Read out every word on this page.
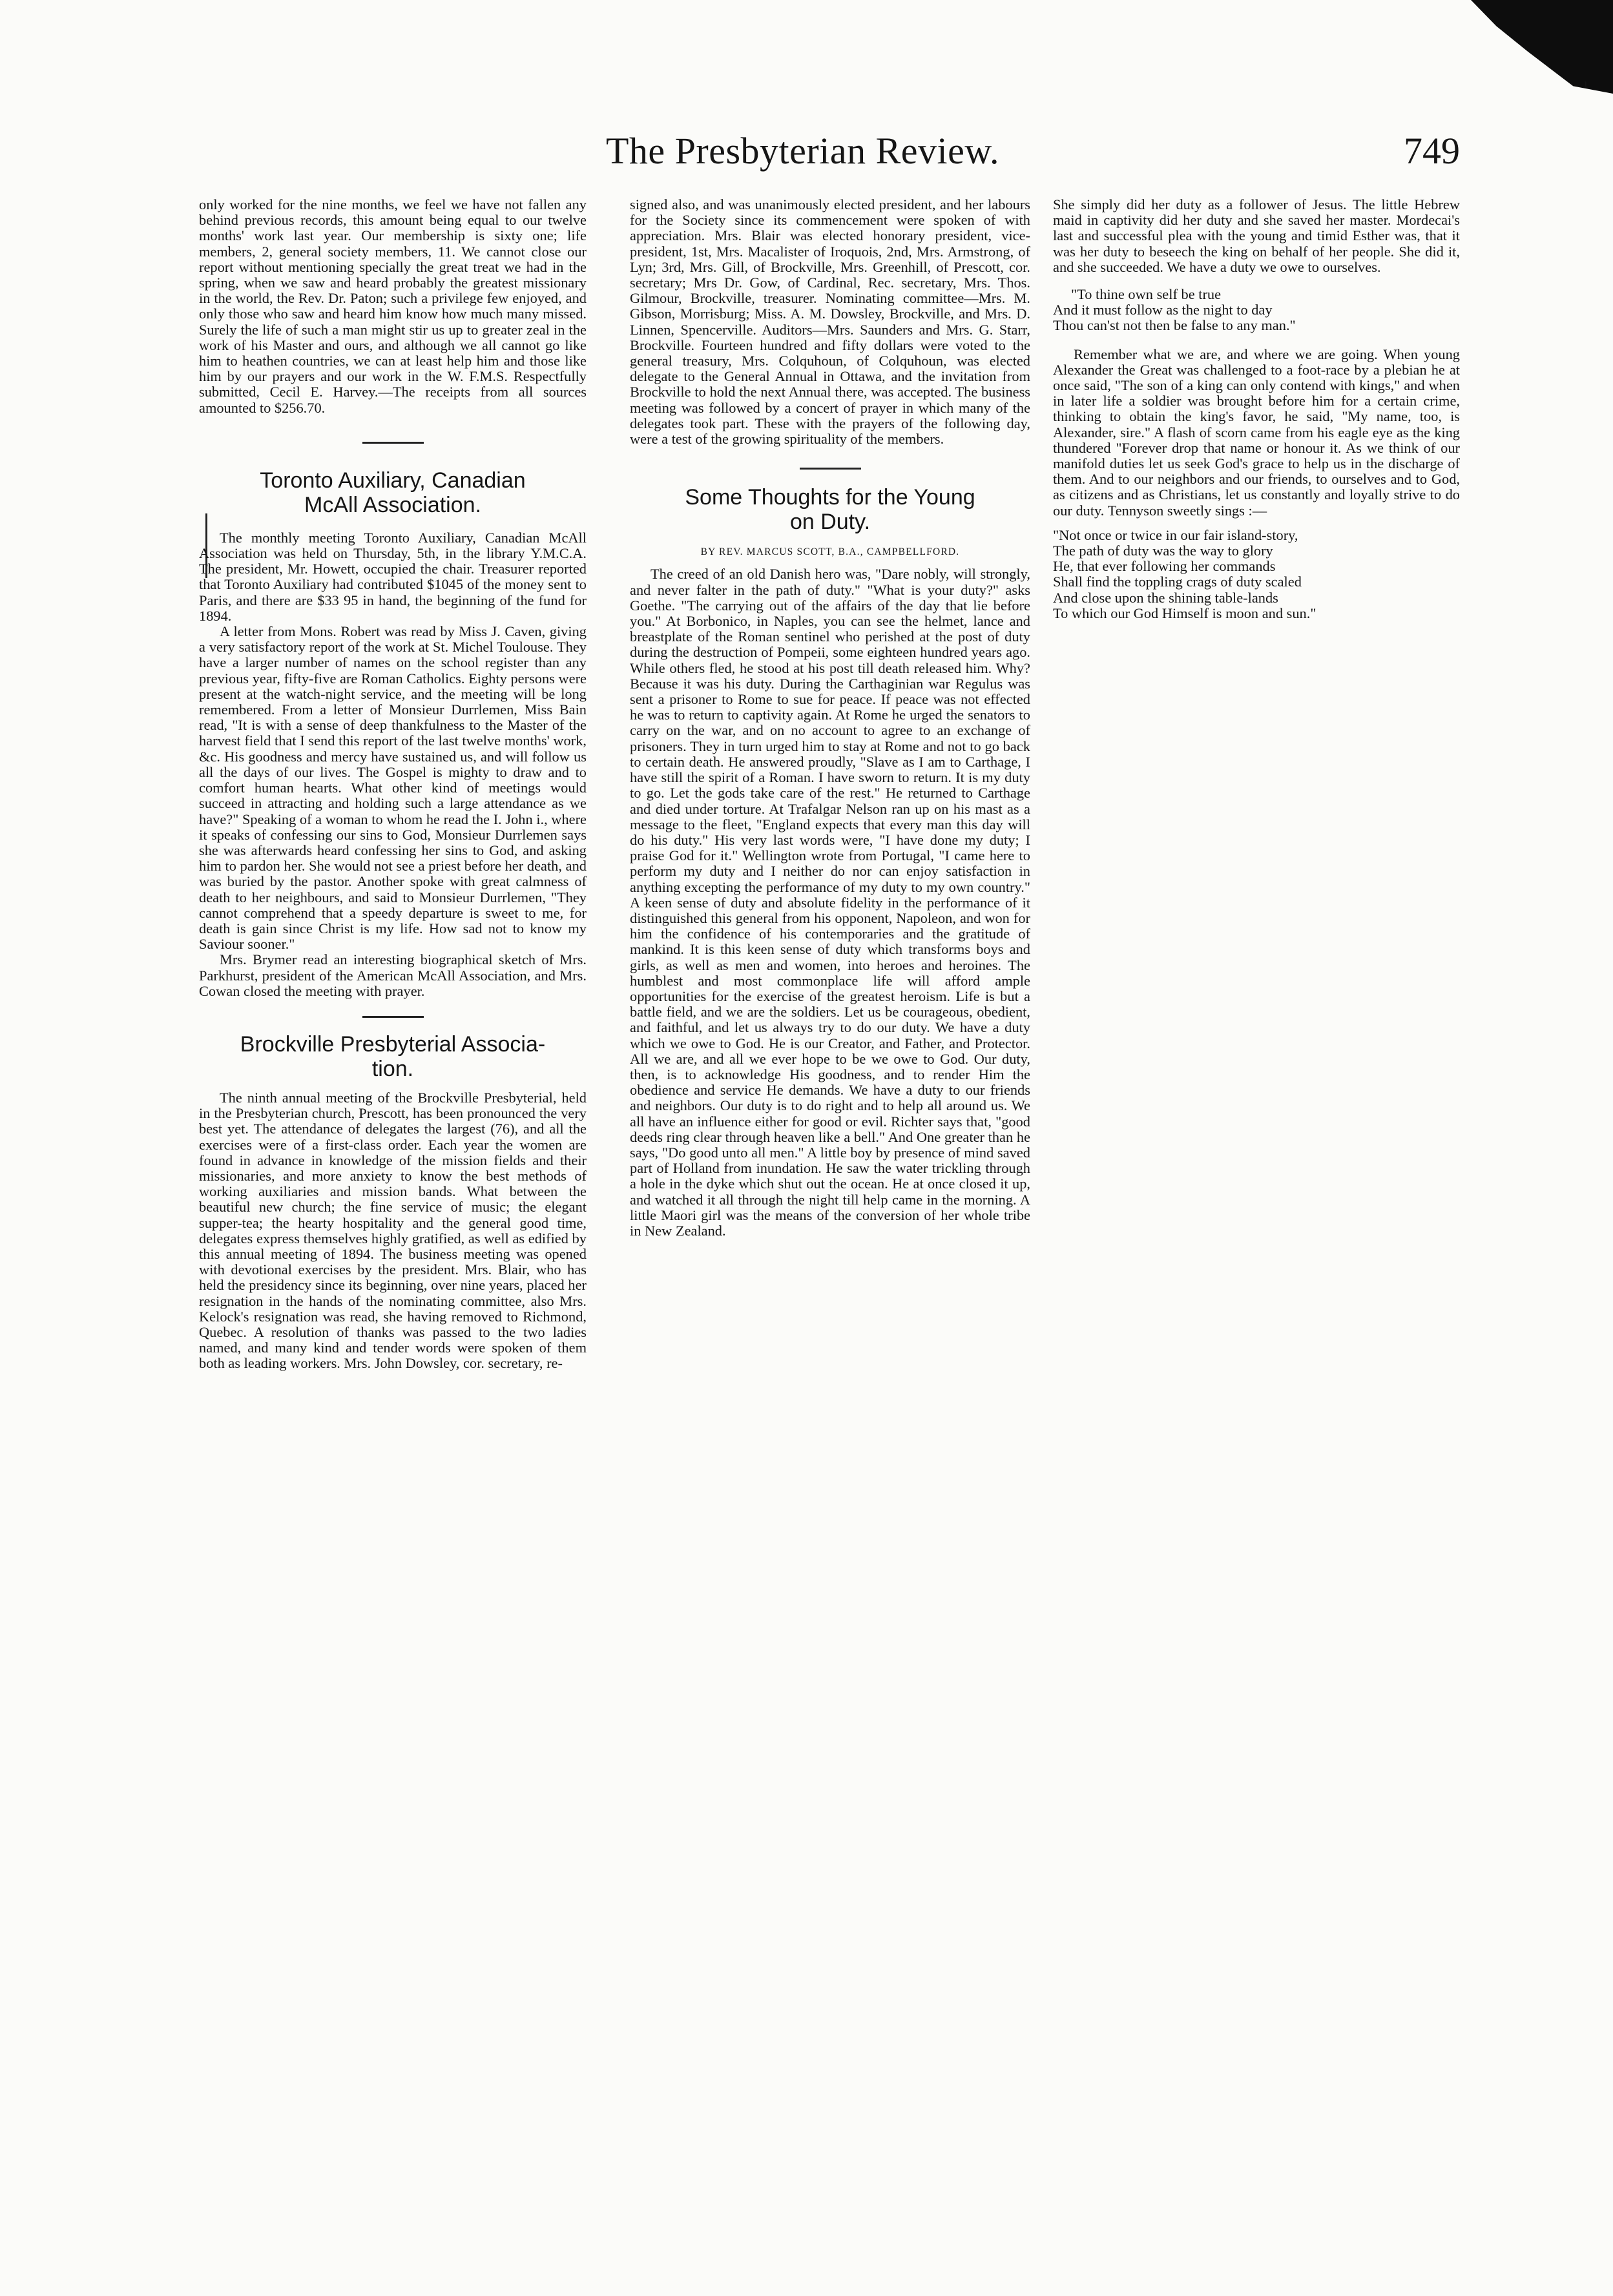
ı
The Presbyterian Review.	749

only worked for the nine months, we feel we have not fallen any behind previous records, this amount being equal to our twelve months' work last year. Our membership is sixty one; life members, 2, general society members, 11. We cannot close our report without mentioning specially the great treat we had in the spring, when we saw and heard probably the greatest missionary in the world, the Rev. Dr. Paton; such a privilege few enjoyed, and only those who saw and heard him know how much many missed. Surely the life of such a man might stir us up to greater zeal in the work of his Master and ours, and although we all cannot go like him to heathen countries, we can at least help him and those like him by our prayers and our work in the W. F.M.S. Respectfully submitted, Cecil E. Harvey.—The receipts from all sources amounted to $256.70.

Toronto Auxiliary, Canadian
McAll Association.

The monthly meeting Toronto Auxiliary, Canadian McAll Association was held on Thursday, 5th, in the library Y.M.C.A. The president, Mr. Howett, occupied the chair. Treasurer reported that Toronto Auxiliary had contributed $1045 of the money sent to Paris, and there are $33 95 in hand, the beginning of the fund for 1894.

A letter from Mons. Robert was read by Miss J. Caven, giving a very satisfactory report of the work at St. Michel Toulouse. They have a larger number of names on the school register than any previous year, fifty-five are Roman Catholics. Eighty persons were present at the watch-night service, and the meeting will be long remembered. From a letter of Monsieur Durrlemen, Miss Bain read, "It is with a sense of deep thankfulness to the Master of the harvest field that I send this report of the last twelve months' work, &c. His goodness and mercy have sustained us, and will follow us all the days of our lives. The Gospel is mighty to draw and to comfort human hearts. What other kind of meetings would succeed in attracting and holding such a large attendance as we have?" Speaking of a woman to whom he read the I. John i., where it speaks of confessing our sins to God, Monsieur Durrlemen says she was afterwards heard confessing her sins to God, and asking him to pardon her. She would not see a priest before her death, and was buried by the pastor. Another spoke with great calmness of death to her neighbours, and said to Monsieur Durrlemen, "They cannot comprehend that a speedy departure is sweet to me, for death is gain since Christ is my life. How sad not to know my Saviour sooner."

Mrs. Brymer read an interesting biographical sketch of Mrs. Parkhurst, president of the American McAll Association, and Mrs. Cowan closed the meeting with prayer.

Brockville Presbyterial Associa-
tion.

The ninth annual meeting of the Brockville Presbyterial, held in the Presbyterian church, Prescott, has been pronounced the very best yet. The attendance of delegates the largest (76), and all the exercises were of a first-class order. Each year the women are found in advance in knowledge of the mission fields and their missionaries, and more anxiety to know the best methods of working auxiliaries and mission bands. What between the beautiful new church; the fine service of music; the elegant supper-tea; the hearty hospitality and the general good time, delegates express themselves highly gratified, as well as edified by this annual meeting of 1894. The business meeting was opened with devotional exercises by the president. Mrs. Blair, who has held the presidency since its beginning, over nine years, placed her resignation in the hands of the nominating committee, also Mrs. Kelock's resignation was read, she having removed to Richmond, Quebec. A resolution of thanks was passed to the two ladies named, and many kind and tender words were spoken of them both as leading workers. Mrs. John Dowsley, cor. secretary, re-

signed also, and was unanimously elected president, and her labours for the Society since its commencement were spoken of with appreciation. Mrs. Blair was elected honorary president, vice-president, 1st, Mrs. Macalister of Iroquois, 2nd, Mrs. Armstrong, of Lyn; 3rd, Mrs. Gill, of Brockville, Mrs. Greenhill, of Prescott, cor. secretary; Mrs Dr. Gow, of Cardinal, Rec. secretary, Mrs. Thos. Gilmour, Brockville, treasurer. Nominating committee—Mrs. M. Gibson, Morrisburg; Miss. A. M. Dowsley, Brockville, and Mrs. D. Linnen, Spencerville. Auditors—Mrs. Saunders and Mrs. G. Starr, Brockville. Fourteen hundred and fifty dollars were voted to the general treasury, Mrs. Colquhoun, of Colquhoun, was elected delegate to the General Annual in Ottawa, and the invitation from Brockville to hold the next Annual there, was accepted. The business meeting was followed by a concert of prayer in which many of the delegates took part. These with the prayers of the following day, were a test of the growing spirituality of the members.

Some Thoughts for the Young
on Duty.
BY REV. MARCUS SCOTT, B.A., CAMPBELLFORD.

The creed of an old Danish hero was, "Dare nobly, will strongly, and never falter in the path of duty." "What is your duty?" asks Goethe. "The carrying out of the affairs of the day that lie before you." At Borbonico, in Naples, you can see the helmet, lance and breastplate of the Roman sentinel who perished at the post of duty during the destruction of Pompeii, some eighteen hundred years ago. While others fled, he stood at his post till death released him. Why? Because it was his duty. During the Carthaginian war Regulus was sent a prisoner to Rome to sue for peace. If peace was not effected he was to return to captivity again. At Rome he urged the senators to carry on the war, and on no account to agree to an exchange of prisoners. They in turn urged him to stay at Rome and not to go back to certain death. He answered proudly, "Slave as I am to Carthage, I have still the spirit of a Roman. I have sworn to return. It is my duty to go. Let the gods take care of the rest." He returned to Carthage and died under torture. At Trafalgar Nelson ran up on his mast as a message to the fleet, "England expects that every man this day will do his duty." His very last words were, "I have done my duty; I praise God for it." Wellington wrote from Portugal, "I came here to perform my duty and I neither do nor can enjoy satisfaction in anything excepting the performance of my duty to my own country." A keen sense of duty and absolute fidelity in the performance of it distinguished this general from his opponent, Napoleon, and won for him the confidence of his contemporaries and the gratitude of mankind. It is this keen sense of duty which transforms boys and girls, as well as men and women, into heroes and heroines. The humblest and most commonplace life will afford ample opportunities for the exercise of the greatest heroism. Life is but a battle field, and we are the soldiers. Let us be courageous, obedient, and faithful, and let us always try to do our duty. We have a duty which we owe to God. He is our Creator, and Father, and Protector. All we are, and all we ever hope to be we owe to God. Our duty, then, is to acknowledge His goodness, and to render Him the obedience and service He demands. We have a duty to our friends and neighbors. Our duty is to do right and to help all around us. We all have an influence either for good or evil. Richter says that, "good deeds ring clear through heaven like a bell." And One greater than he says, "Do good unto all men." A little boy by presence of mind saved part of Holland from inundation. He saw the water trickling through a hole in the dyke which shut out the ocean. He at once closed it up, and watched it all through the night till help came in the morning. A little Maori girl was the means of the conversion of her whole tribe in New Zealand.

She simply did her duty as a follower of Jesus. The little Hebrew maid in captivity did her duty and she saved her master. Mordecai's last and successful plea with the young and timid Esther was, that it was her duty to beseech the king on behalf of her people. She did it, and she succeeded. We have a duty we owe to ourselves.

"To thine own self be true
And it must follow as the night to day
Thou can'st not then be false to any man."

Remember what we are, and where we are going. When young Alexander the Great was challenged to a foot-race by a plebian he at once said, "The son of a king can only contend with kings," and when in later life a soldier was brought before him for a certain crime, thinking to obtain the king's favor, he said, "My name, too, is Alexander, sire." A flash of scorn came from his eagle eye as the king thundered "Forever drop that name or honour it. As we think of our manifold duties let us seek God's grace to help us in the discharge of them. And to our neighbors and our friends, to ourselves and to God, as citizens and as Christians, let us constantly and loyally strive to do our duty. Tennyson sweetly sings :—

"Not once or twice in our fair island-story,
The path of duty was the way to glory
He, that ever following her commands
Shall find the toppling crags of duty scaled
And close upon the shining table-lands
To which our God Himself is moon and sun."
